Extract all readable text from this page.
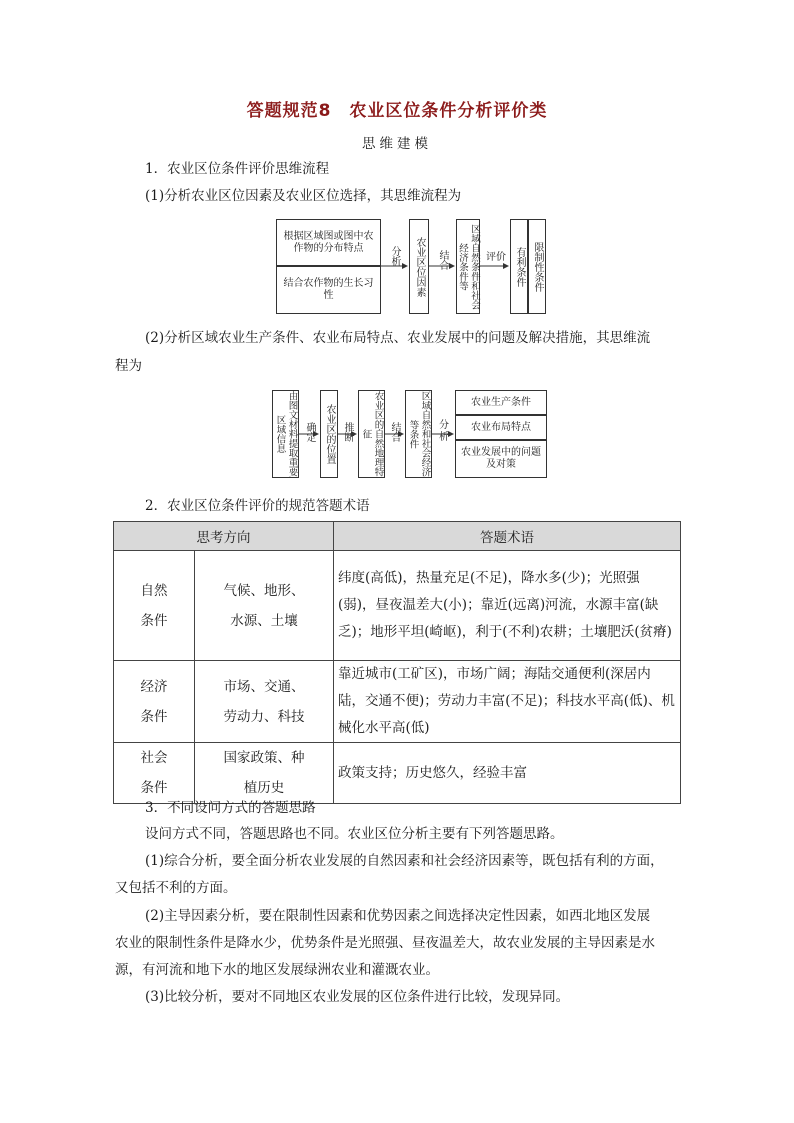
答题规范8　农业区位条件分析评价类
思维建模
1．农业区位条件评价思维流程
(1)分析农业区位因素及农业区位选择，其思维流程为
根据区域图或图中农作物的分布特点
结合农作物的生长习性
分析 农业区位因素 结合	区域自然条件和社会经济条件等	评价 有利条件 限制性条件
(2)分析区域农业生产条件、农业布局特点、农业发展中的问题及解决措施，其思维流
程为
由图文材料提取重要区域信息	确定 农业区的位置 推断	农业区的自然地理特征	结合	区域自然和社会经济等条件	分析
农业生产条件
农业布局特点
农业发展中的问题及对策
2．农业区位条件评价的规范答题术语
思考方向		答题术语

自然条件	气候、地形、水源、土壤	纬度(高低)，热量充足(不足)，降水多(少)；光照强(弱)，昼夜温差大(小)；靠近(远离)河流，水源丰富(缺乏)；地形平坦(崎岖)，利于(不利)农耕；土壤肥沃(贫瘠)

经济条件	市场、交通、劳动力、科技	靠近城市(工矿区)，市场广阔；海陆交通便利(深居内陆，交通不便)；劳动力丰富(不足)；科技水平高(低)、机械化水平高(低)

社会条件	国家政策、种植历史	政策支持；历史悠久，经验丰富
3．不同设问方式的答题思路
设问方式不同，答题思路也不同。农业区位分析主要有下列答题思路。
(1)综合分析，要全面分析农业发展的自然因素和社会经济因素等，既包括有利的方面，
又包括不利的方面。
(2)主导因素分析，要在限制性因素和优势因素之间选择决定性因素，如西北地区发展
农业的限制性条件是降水少，优势条件是光照强、昼夜温差大，故农业发展的主导因素是水
源，有河流和地下水的地区发展绿洲农业和灌溉农业。
(3)比较分析，要对不同地区农业发展的区位条件进行比较，发现异同。
